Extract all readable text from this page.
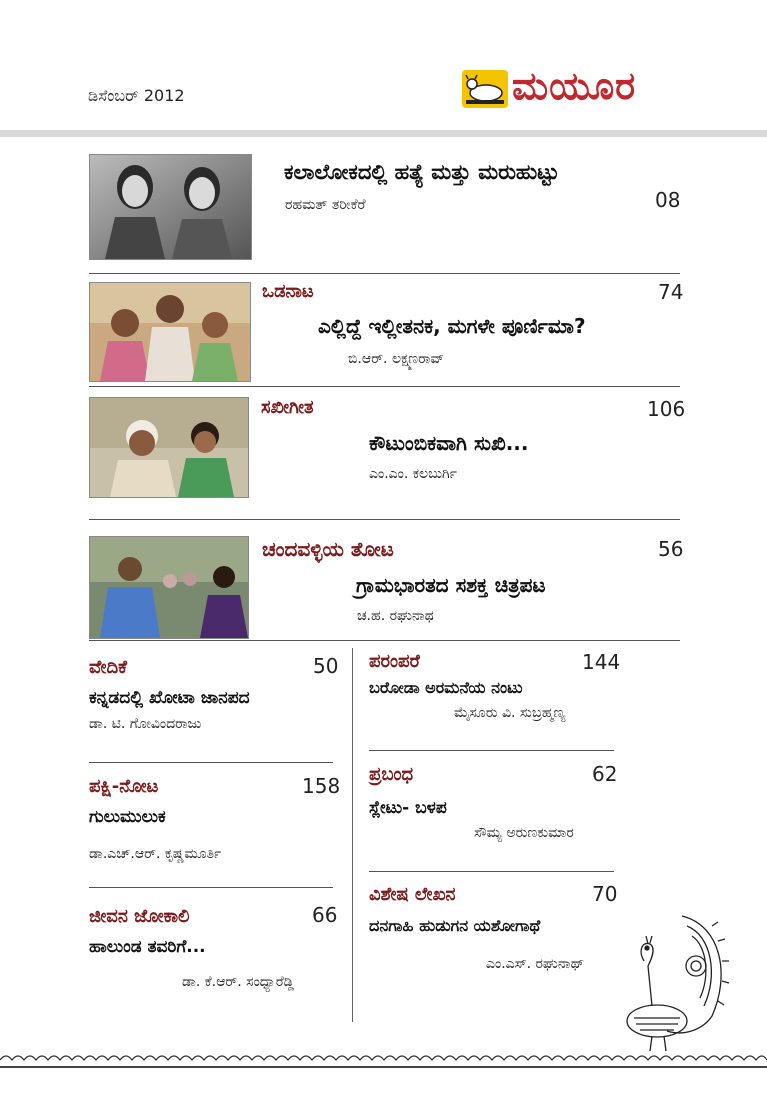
ಡಿಸೆಂಬರ್ 2012	ಮಯೂರ
ಕಲಾಲೋಕದಲ್ಲಿ ಹತ್ಯೆ ಮತ್ತು ಮರುಹುಟ್ಟು
ರಹಮತ್ ತರೀಕೆರೆ	08
ಒಡನಾಟ	74
ಎಲ್ಲಿದ್ದೆ ಇಲ್ಲೀತನಕ, ಮಗಳೇ ಪೂರ್ಣಿಮಾ?
ಬಿ.ಆರ್. ಲಕ್ಷ್ಮಣರಾವ್
ಸಖೀಗೀತ	106
ಕೌಟುಂಬಿಕವಾಗಿ ಸುಖಿ...
ಎಂ.ಎಂ. ಕಲಬುರ್ಗಿ
ಚಂದವಳ್ಳಿಯ ತೋಟ	56
ಗ್ರಾಮಭಾರತದ ಸಶಕ್ತ ಚಿತ್ರಪಟ
ಚ.ಹ. ರಘುನಾಥ
ವೇದಿಕೆ	50
ಕನ್ನಡದಲ್ಲಿ ಖೋಟಾ ಜಾನಪದ
ಡಾ. ಟಿ. ಗೋವಿಂದರಾಜು
ಪಕ್ಷಿ-ನೋಟ	158
ಗುಲುಮುಲುಕ
ಡಾ.ಎಚ್.ಆರ್. ಕೃಷ್ಣಮೂರ್ತಿ
ಜೀವನ ಜೋಕಾಲಿ	66
ಹಾಲುಂಡ ತವರಿಗೆ...
ಡಾ. ಕೆ.ಆರ್. ಸಂಧ್ಯಾರೆಡ್ಡಿ
ಪರಂಪರೆ	144
ಬರೋಡಾ ಅರಮನೆಯ ನಂಟು
ಮೈಸೂರು ವಿ. ಸುಬ್ರಹ್ಮಣ್ಯ
ಪ್ರಬಂಧ	62
ಸ್ಲೇಟು- ಬಳಪ
ಸೌಮ್ಯ ಅರುಣಕುಮಾರ
ವಿಶೇಷ ಲೇಖನ	70
ದನಗಾಹಿ ಹುಡುಗನ ಯಶೋಗಾಥೆ
ಎಂ.ಎಸ್. ರಘುನಾಥ್
